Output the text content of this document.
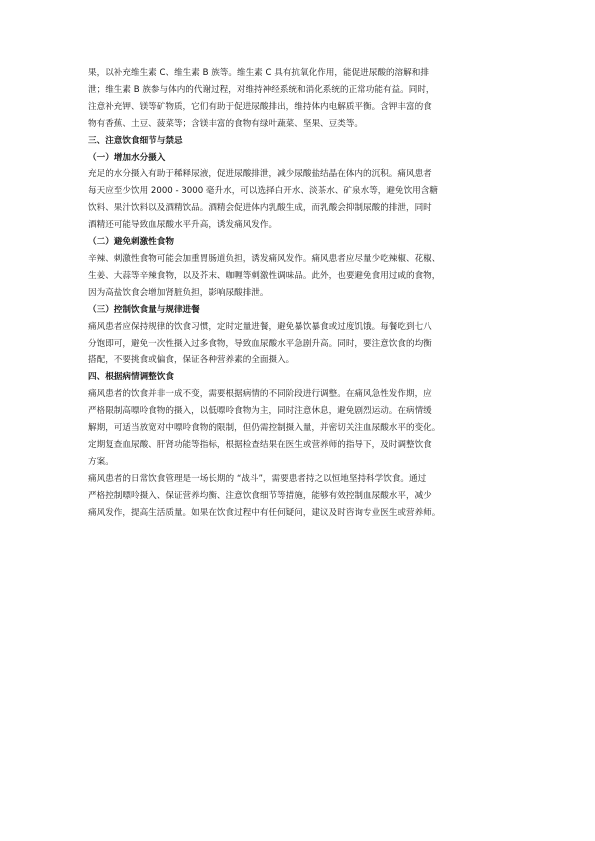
果，以补充维生素 C、维生素 B 族等。维生素 C 具有抗氧化作用，能促进尿酸的溶解和排
泄；维生素 B 族参与体内的代谢过程，对维持神经系统和消化系统的正常功能有益。同时，
注意补充钾、镁等矿物质，它们有助于促进尿酸排出，维持体内电解质平衡。含钾丰富的食
物有香蕉、土豆、菠菜等；含镁丰富的食物有绿叶蔬菜、坚果、豆类等。
三、注意饮食细节与禁忌
（一）增加水分摄入
充足的水分摄入有助于稀释尿液，促进尿酸排泄，减少尿酸盐结晶在体内的沉积。痛风患者
每天应至少饮用 2000 - 3000 毫升水，可以选择白开水、淡茶水、矿泉水等，避免饮用含糖
饮料、果汁饮料以及酒精饮品。酒精会促进体内乳酸生成，而乳酸会抑制尿酸的排泄，同时
酒精还可能导致血尿酸水平升高，诱发痛风发作。
（二）避免刺激性食物
辛辣、刺激性食物可能会加重胃肠道负担，诱发痛风发作。痛风患者应尽量少吃辣椒、花椒、
生姜、大蒜等辛辣食物，以及芥末、咖喱等刺激性调味品。此外，也要避免食用过咸的食物，
因为高盐饮食会增加肾脏负担，影响尿酸排泄。
（三）控制饮食量与规律进餐
痛风患者应保持规律的饮食习惯，定时定量进餐，避免暴饮暴食或过度饥饿。每餐吃到七八
分饱即可，避免一次性摄入过多食物，导致血尿酸水平急剧升高。同时，要注意饮食的均衡
搭配，不要挑食或偏食，保证各种营养素的全面摄入。
四、根据病情调整饮食
痛风患者的饮食并非一成不变，需要根据病情的不同阶段进行调整。在痛风急性发作期，应
严格限制高嘌呤食物的摄入，以低嘌呤食物为主，同时注意休息，避免剧烈运动。在病情缓
解期，可适当放宽对中嘌呤食物的限制，但仍需控制摄入量，并密切关注血尿酸水平的变化。
定期复查血尿酸、肝肾功能等指标，根据检查结果在医生或营养师的指导下，及时调整饮食
方案。
痛风患者的日常饮食管理是一场长期的 “战斗”，需要患者持之以恒地坚持科学饮食。通过
严格控制嘌呤摄入、保证营养均衡、注意饮食细节等措施，能够有效控制血尿酸水平，减少
痛风发作，提高生活质量。如果在饮食过程中有任何疑问，建议及时咨询专业医生或营养师。
